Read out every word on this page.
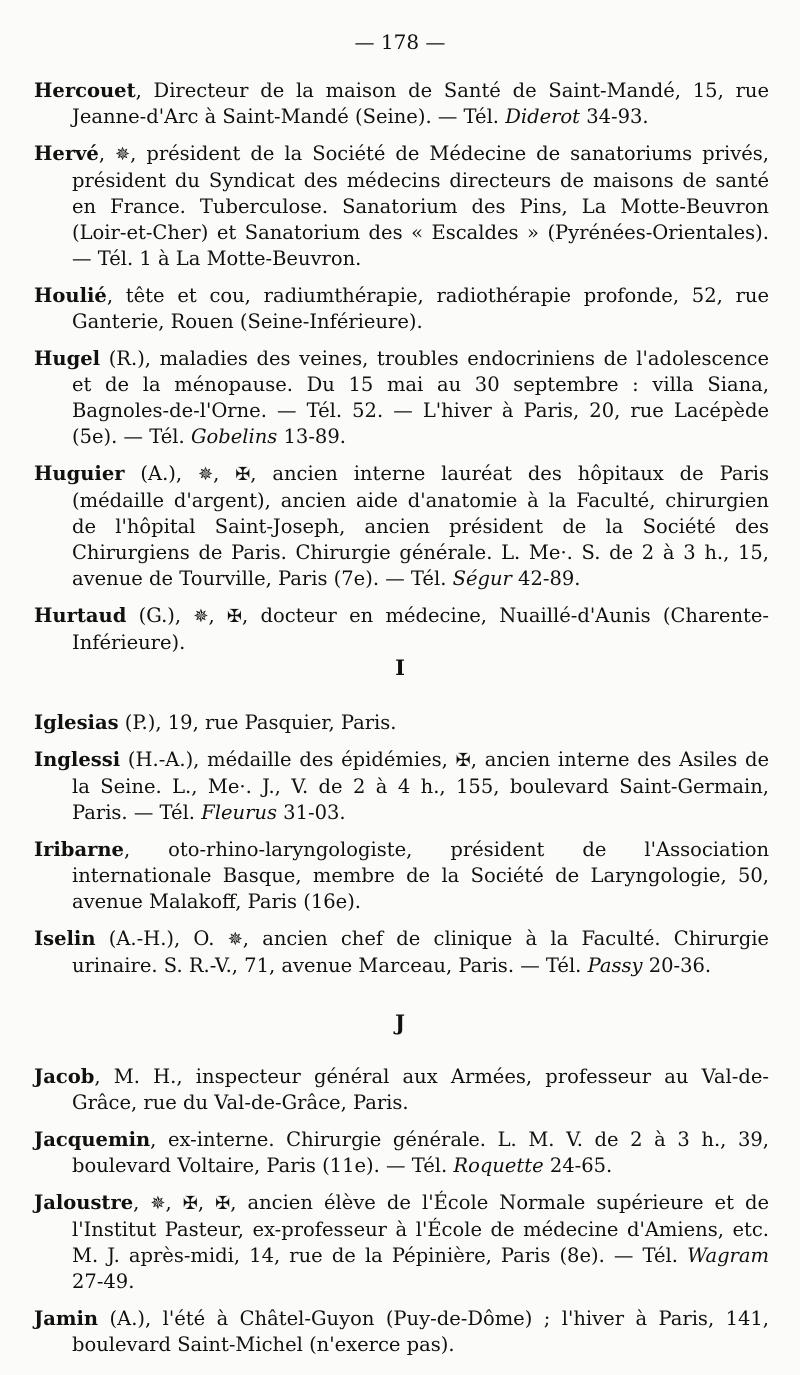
— 178 —

Hercouet, Directeur de la maison de Santé de Saint-Mandé, 15, rue Jeanne-d'Arc à Saint-Mandé (Seine). — Tél. Diderot 34-93.

Hervé, ✵, président de la Société de Médecine de sanatoriums privés, président du Syndicat des médecins directeurs de maisons de santé en France. Tuberculose. Sanatorium des Pins, La Motte-Beuvron (Loir-et-Cher) et Sanatorium des « Escaldes » (Pyrénées-Orientales). — Tél. 1 à La Motte-Beuvron.

Houlié, tête et cou, radiumthérapie, radiothérapie profonde, 52, rue Ganterie, Rouen (Seine-Inférieure).

Hugel (R.), maladies des veines, troubles endocriniens de l'adolescence et de la ménopause. Du 15 mai au 30 septembre : villa Siana, Bagnoles-de-l'Orne. — Tél. 52. — L'hiver à Paris, 20, rue Lacépède (5e). — Tél. Gobelins 13-89.

Huguier (A.), ✵, ✠, ancien interne lauréat des hôpitaux de Paris (médaille d'argent), ancien aide d'anatomie à la Faculté, chirurgien de l'hôpital Saint-Joseph, ancien président de la Société des Chirurgiens de Paris. Chirurgie générale. L. Me·. S. de 2 à 3 h., 15, avenue de Tourville, Paris (7e). — Tél. Ségur 42-89.

Hurtaud (G.), ✵, ✠, docteur en médecine, Nuaillé-d'Aunis (Charente-Inférieure).

I

Iglesias (P.), 19, rue Pasquier, Paris.

Inglessi (H.-A.), médaille des épidémies, ✠, ancien interne des Asiles de la Seine. L., Me·. J., V. de 2 à 4 h., 155, boulevard Saint-Germain, Paris. — Tél. Fleurus 31-03.

Iribarne, oto-rhino-laryngologiste, président de l'Association internationale Basque, membre de la Société de Laryngologie, 50, avenue Malakoff, Paris (16e).

Iselin (A.-H.), O. ✵, ancien chef de clinique à la Faculté. Chirurgie urinaire. S. R.-V., 71, avenue Marceau, Paris. — Tél. Passy 20-36.

J

Jacob, M. H., inspecteur général aux Armées, professeur au Val-de-Grâce, rue du Val-de-Grâce, Paris.

Jacquemin, ex-interne. Chirurgie générale. L. M. V. de 2 à 3 h., 39, boulevard Voltaire, Paris (11e). — Tél. Roquette 24-65.

Jaloustre, ✵, ✠, ✠, ancien élève de l'École Normale supérieure et de l'Institut Pasteur, ex-professeur à l'École de médecine d'Amiens, etc. M. J. après-midi, 14, rue de la Pépinière, Paris (8e). — Tél. Wagram 27-49.

Jamin (A.), l'été à Châtel-Guyon (Puy-de-Dôme) ; l'hiver à Paris, 141, boulevard Saint-Michel (n'exerce pas).
